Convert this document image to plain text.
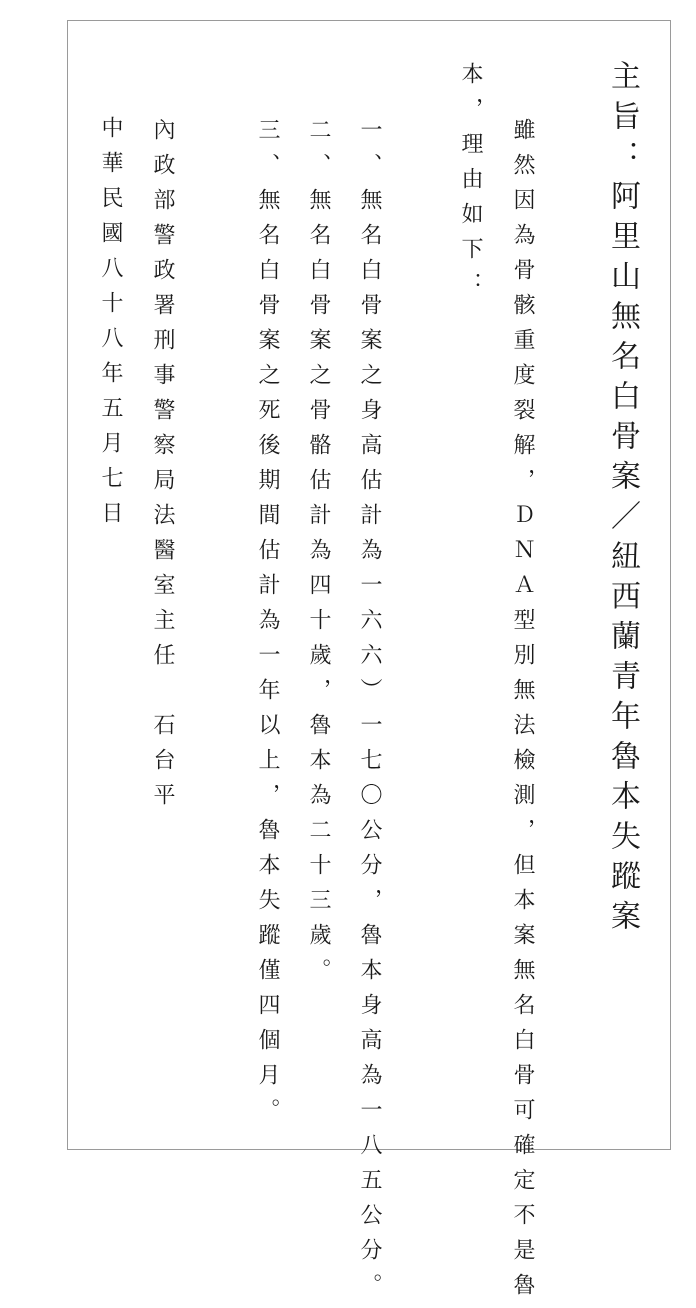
主旨：阿里山無名白骨案／紐西蘭青年魯本失蹤案
雖然因為骨骸重度裂解，ＤＮＡ型別無法檢測，但本案無名白骨可確定不是魯
本，理由如下：
一、無名白骨案之身高估計為一六六︶一七〇公分，魯本身高為一八五公分。
二、無名白骨案之骨骼估計為四十歲，魯本為二十三歲。
三、無名白骨案之死後期間估計為一年以上，魯本失蹤僅四個月。
內政部警政署刑事警察局法醫室主任　石台平
中華民國八十八年五月七日
